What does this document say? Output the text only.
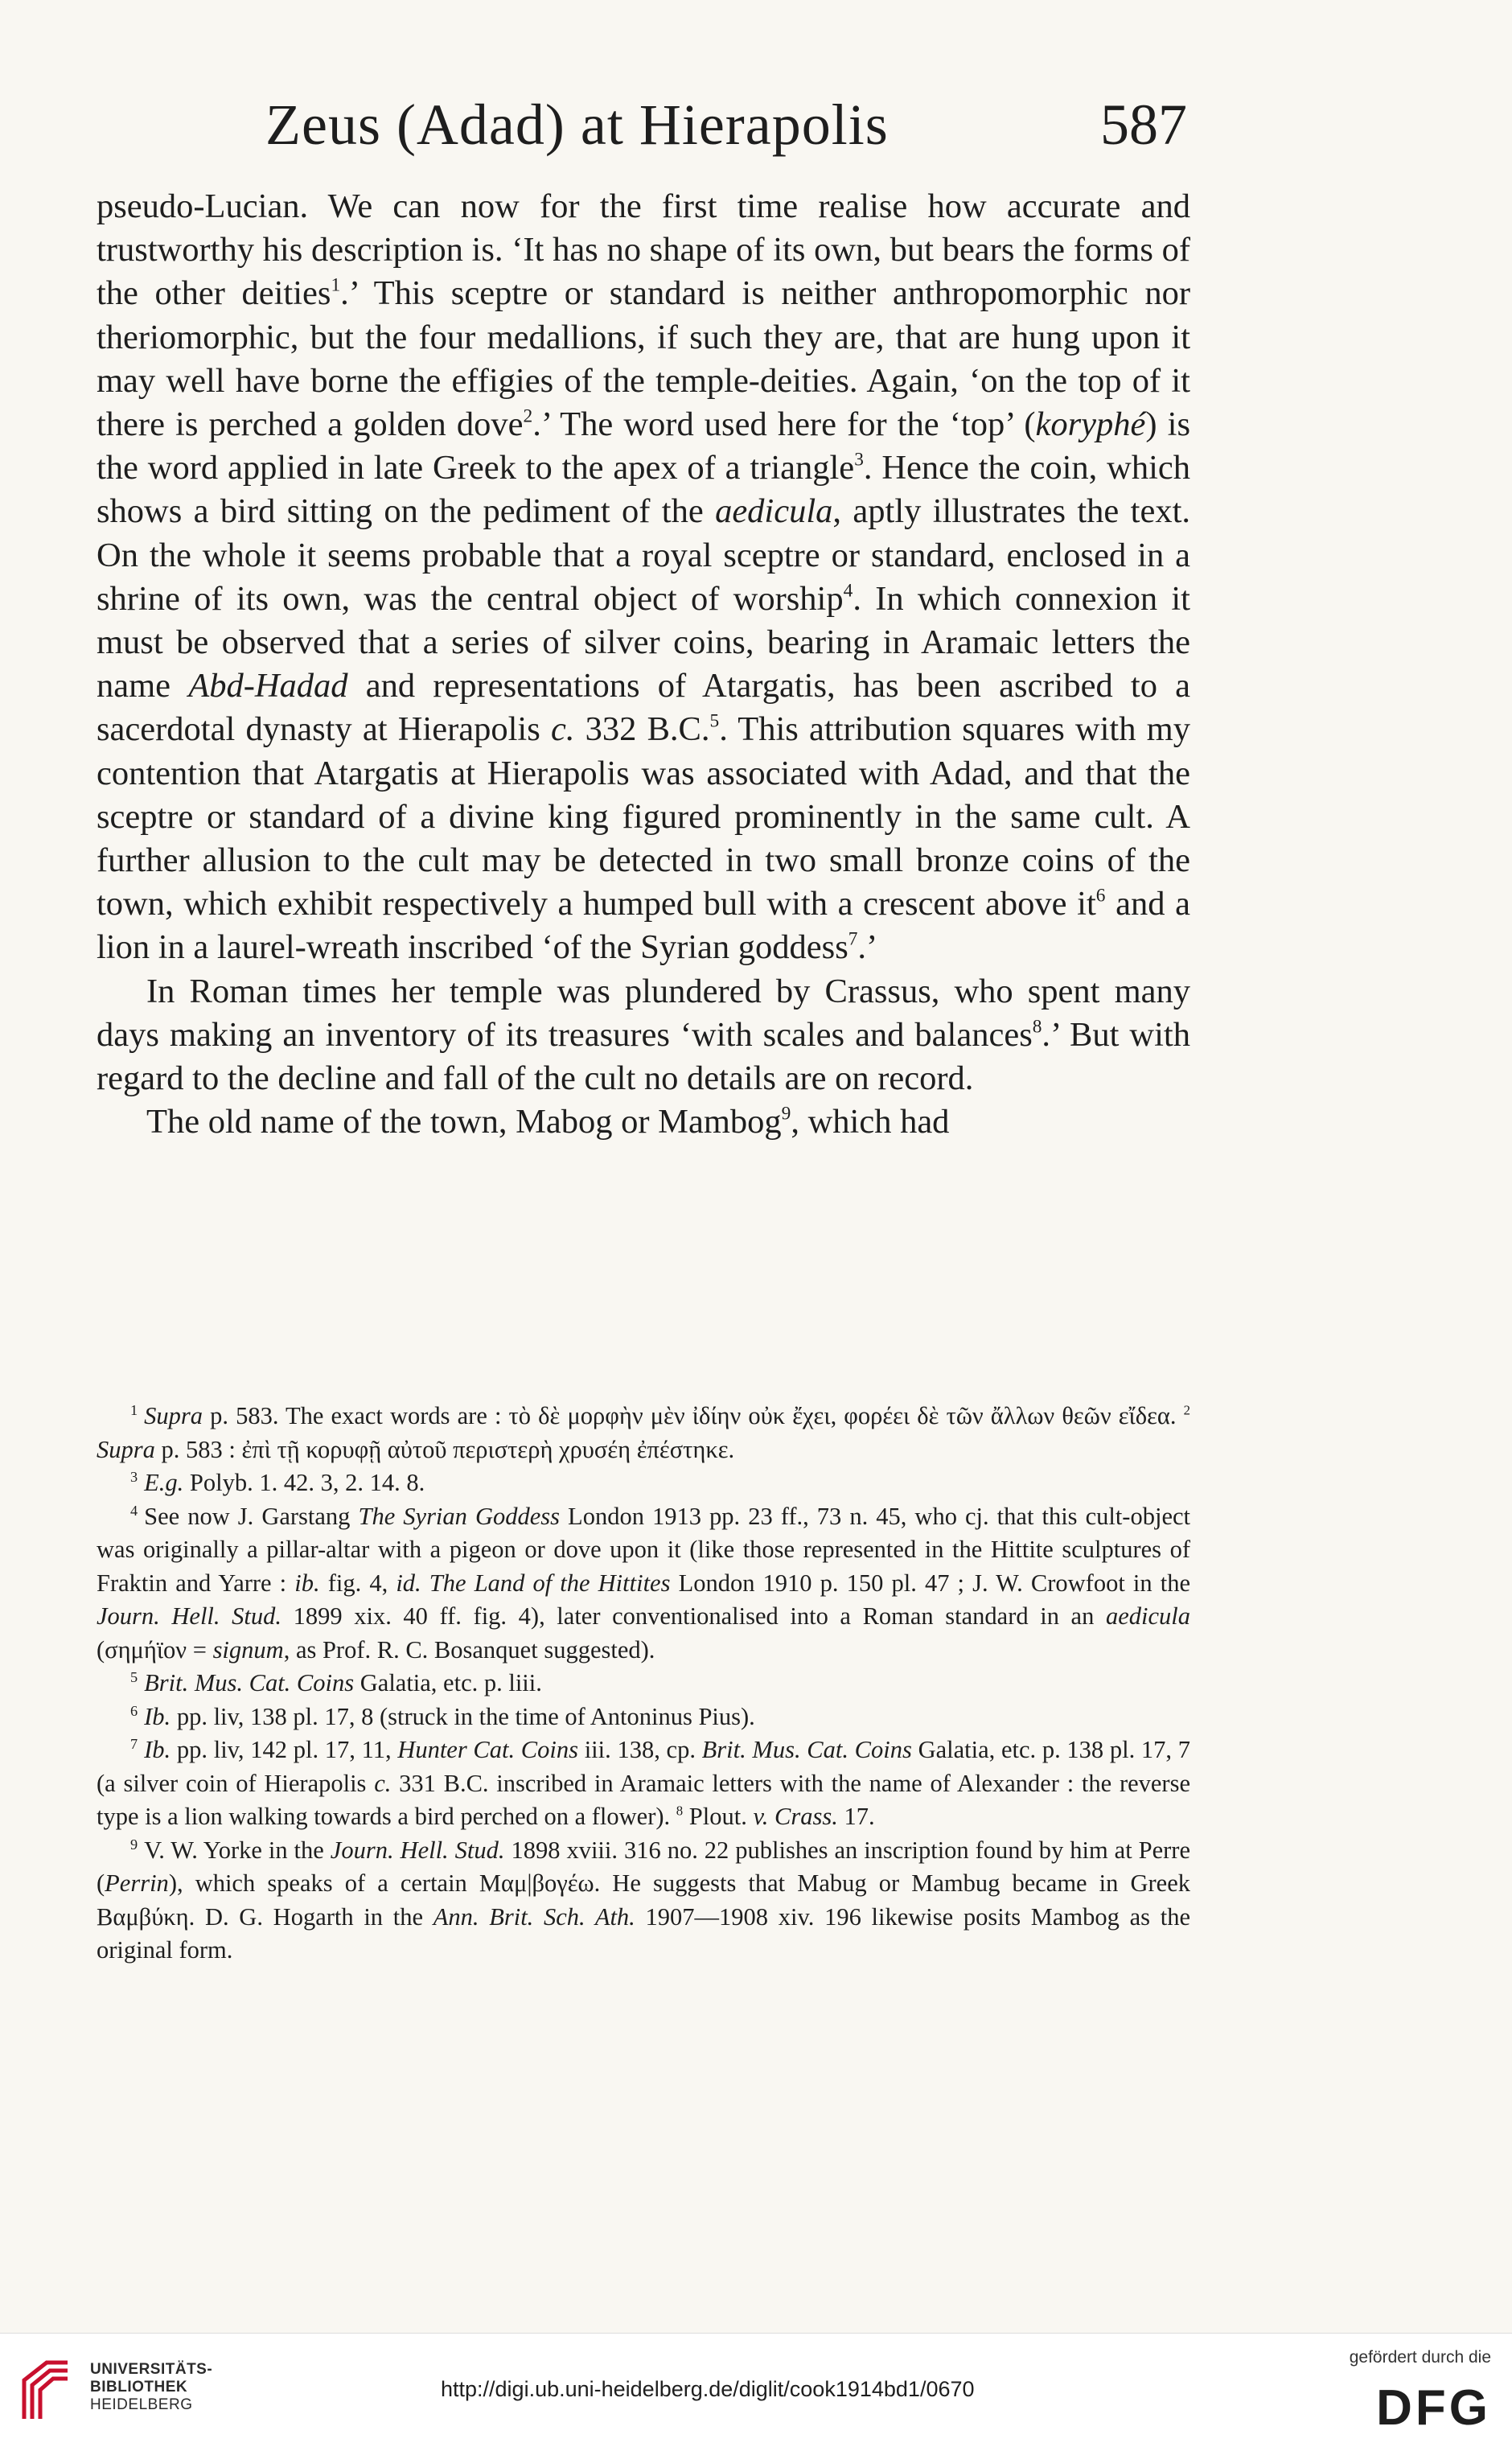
Zeus (Adad) at Hierapolis	587

pseudo-Lucian. We can now for the first time realise how accurate and trustworthy his description is. ‘It has no shape of its own, but bears the forms of the other deities$^1$.’ This sceptre or standard is neither anthropomorphic nor theriomorphic, but the four medallions, if such they are, that are hung upon it may well have borne the effigies of the temple-deities. Again, ‘on the top of it there is perched a golden dove$^2$.’ The word used here for the ‘top’ (koryphé) is the word applied in late Greek to the apex of a triangle$^3$. Hence the coin, which shows a bird sitting on the pediment of the aedicula, aptly illustrates the text. On the whole it seems probable that a royal sceptre or standard, enclosed in a shrine of its own, was the central object of worship$^4$. In which connexion it must be observed that a series of silver coins, bearing in Aramaic letters the name Abd-Hadad and representations of Atargatis, has been ascribed to a sacerdotal dynasty at Hierapolis c. 332 B.C.$^5$. This attribution squares with my contention that Atargatis at Hierapolis was associated with Adad, and that the sceptre or standard of a divine king figured prominently in the same cult. A further allusion to the cult may be detected in two small bronze coins of the town, which exhibit respectively a humped bull with a crescent above $it^6$ and a lion in a laurel-wreath inscribed ‘of the Syrian goddess$^7$.’

In Roman times her temple was plundered by Crassus, who spent many days making an inventory of its treasures ‘with scales and balances$^8$.’ But with regard to the decline and fall of the cult no details are on record.

The old name of the town, Mabog or Mambog$^9$, which had

$^1$ Supra p. 583. The exact words are : τὸ δὲ μορφὴν μὲν ἰδίην οὐκ ἔχει, φορέει δὲ τῶν ἄλλων θεῶν εἴδεα. $^2$ Supra p. 583 : ἐπὶ τῇ κορυφῇ αὐτοῦ περιστερὴ χρυσέη ἐπέστηκε.

$^3$ E.g. Polyb. 1. 42. 3, 2. 14. 8.

$^4$ See now J. Garstang The Syrian Goddess London 1913 pp. 23 ff., 73 n. 45, who cj. that this cult-object was originally a pillar-altar with a pigeon or dove upon it (like those represented in the Hittite sculptures of Fraktin and Yarre : ib. fig. 4, id. The Land of the Hittites London 1910 p. 150 pl. 47 ; J. W. Crowfoot in the Journ. Hell. Stud. 1899 xix. 40 ff. fig. 4), later conventionalised into a Roman standard in an aedicula (σημήϊον = signum, as Prof. R. C. Bosanquet suggested).

$^5$ Brit. Mus. Cat. Coins Galatia, etc. p. liii.

$^6$ Ib. pp. liv, 138 pl. 17, 8 (struck in the time of Antoninus Pius).

$^7$ Ib. pp. liv, 142 pl. 17, 11, Hunter Cat. Coins iii. 138, cp. Brit. Mus. Cat. Coins Galatia, etc. p. 138 pl. 17, 7 (a silver coin of Hierapolis c. 331 B.C. inscribed in Aramaic letters with the name of Alexander : the reverse type is a lion walking towards a bird perched on a flower). $^8$ Plout. v. Crass. 17.

$^9$ V. W. Yorke in the Journ. Hell. Stud. 1898 xviii. 316 no. 22 publishes an inscription found by him at Perre (Perrin), which speaks of a certain Μαμ|βογέω. He suggests that Mabug or Mambug became in Greek Βαμβύκη. D. G. Hogarth in the Ann. Brit. Sch. Ath. 1907—1908 xiv. 196 likewise posits Mambog as the original form.

UNIVERSITÄTS-
BIBLIOTHEK
HEIDELBERG
http://digi.ub.uni-heidelberg.de/diglit/cook1914bd1/0670
gefördert durch die
DFG
